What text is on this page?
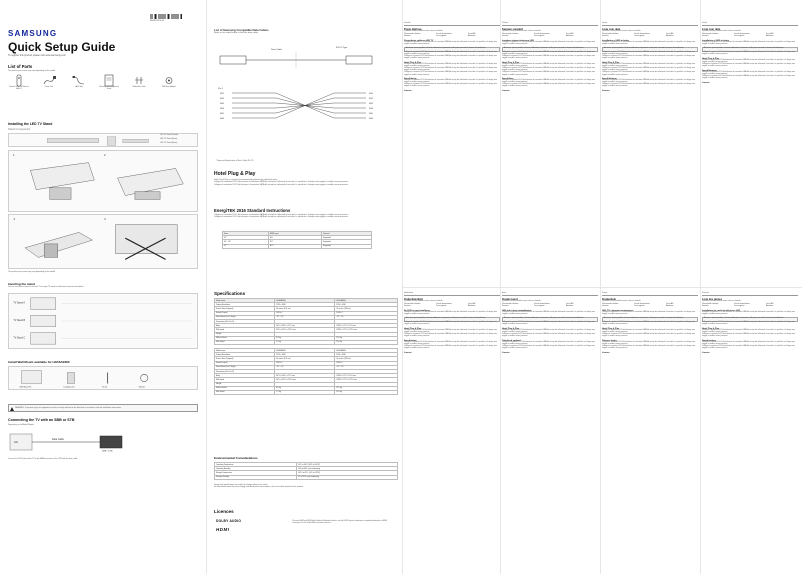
SAMSUNG
BN68-08174-00
Quick Setup Guide
To register this product please visit www.samsung.com
List of Parts
The product you receive may vary depending on the model.
Remote Control & Batteries (AA x 2)
Power Cord	LAN Cable	Warranty Card / Regulatory Guide
Holder-Wire Cable	Wall Mount Adapter
Installing the LED TV Stand
Stand Components
LED TV Stand (Guide)
LED TV Stand (Neck)
LED TV Stand (Base)
1	2
3	4
The product you receive may vary depending on the model.
Inverting the stand
You can use these screws so that this TV accepts TV stand or wall-mount in portrait orientation.
TV Stand A
TV Stand B
TV Stand C
Install Wall Mount available for HG55AE690
Wall Mount Kit	Long Bracket	Screw	Washer
WARNING: To prevent injury, this apparatus must be securely attached to the floor/wall in accordance with the installation instructions.
Connecting the TV with an SBB or STB
Depending on the Model/Region
HG
Data Cable
SBB / STB
Connect the RJ-12 jack of the TV to the DATA connector of the STB with the data cable.
List of Samsung Compatible Data Cables
Refer to the table below to find the data cable.
Data Cable
RJ-12 Type
Pin 1
SH1
SH2
SH3
SH4
SH5
SH6
SH1
SH2
SH3
SH4
SH5
SH6
* Expected Specification of Data Cable (RJ-12)
Hotel Plug & Play
Hotel Plug & Play is a function that automatically performs the initial hotel setup.
Collegare il connettore RJ-12 del televisore al connettore DATA del set-top box utilizzando il cavo dati. Le specifiche e il design sono soggetti a modifica senza preavviso.
Collegare il connettore RJ-12 del televisore al connettore DATA del set-top box utilizzando il cavo dati. Le specifiche e il design sono soggetti a modifica senza preavviso.
EnergiTEK 2016 Standard Instructions
Collegare il connettore RJ-12 del televisore al connettore DATA del set-top box utilizzando il cavo dati. Le specifiche e il design sono soggetti a modifica senza preavviso.
Collegare il connettore RJ-12 del televisore al connettore DATA del set-top box utilizzando il cavo dati. Le specifiche e il design sono soggetti a modifica senza preavviso.
Sizes	HDMI input	Channel
32"	DCI	Supported
40" ~ 48"	SLT	Supported
55"	NTC	Supported
Specifications
Model name	HG40AE690	HG55AE690
Display Resolution	1920 x 1080	1920 x 1080
Screen Size (Diagonal)	40 inches (101 cm)	55 inches (138 cm)
Sound (Output)	10W x 2	10W x 2
Stand Swivel (Left / Right)	-15° ~ 15°	-15° ~ 15°
Dimensions (W x H x D)		
Body	907.6 x 530.1 x 75.2 mm	1238.6 x 727.3 x 79.6 mm
With stand	907.6 x 591.5 x 219.0 mm	1238.6 x 772.3 x 272.6 mm
Weight		
Without Stand	6.8 kg	13.2 kg
With Stand	7.9 kg	15.0 kg
Model name	HG40AE690	HG55AE690
Display Resolution	1920 x 1080	1920 x 1080
Screen Size (Diagonal)	40 inches (101 cm)	55 inches (138 cm)
Sound (Output)	10W x 2	10W x 2
Stand Swivel (Left / Right)	-15° ~ 15°	-15° ~ 15°
Dimensions (W x H x D)		
Body	907.6 x 530.1 x 75.2 mm	1238.6 x 727.3 x 79.6 mm
With stand	907.6 x 591.5 x 219.0 mm	1238.6 x 772.3 x 272.6 mm
Weight		
Without Stand	6.8 kg	13.2 kg
With Stand	7.9 kg	15.0 kg
Environmental Considerations
Operating Temperature	10°C to 40°C (50°F to 104°F)
Operating Humidity	10% to 80%, non-condensing
Storage Temperature	-20°C to 45°C (-4°F to 113°F)
Storage Humidity	5% to 95%, non-condensing
Design and specifications are subject to change without prior notice.
For information about the power supply, and about power consumption, refer to the label attached to the product.
Licences
DOLBY AUDIO
HDMI
The terms HDMI and HDMI High-Definition Multimedia Interface, and the HDMI Logo are trademarks or registered trademarks of HDMI Licensing LLC in the United States and other countries.
Hrvatski
Popis dijelova
Il prodotto ricevuto potrebbe variare in base al modello.
Telecomando e batterie	Cavo di alimentazione	Cavo LAN
Garanzia	Cavo supporto	Adattatore
Postavljanje stalka za LED TV
Collegare il connettore RJ-12 del televisore al connettore DATA del set-top box utilizzando il cavo dati. Le specifiche e il design sono soggetti a modifica senza preavviso.
Attenzione: questo prodotto va fissato saldamente al pavimento o alla parete secondo le istruzioni di installazione.
Collegare il connettore RJ-12 del televisore al connettore DATA del set-top box utilizzando il cavo dati. Le specifiche e il design sono soggetti a modifica senza preavviso.
Collegare il connettore RJ-12 del televisore al connettore DATA del set-top box utilizzando il cavo dati. Le specifiche e il design sono soggetti a modifica senza preavviso.
Hotel Plug & Play
Collegare il connettore RJ-12 del televisore al connettore DATA del set-top box utilizzando il cavo dati. Le specifiche e il design sono soggetti a modifica senza preavviso.
Collegare il connettore RJ-12 del televisore al connettore DATA del set-top box utilizzando il cavo dati. Le specifiche e il design sono soggetti a modifica senza preavviso.
Collegare il connettore RJ-12 del televisore al connettore DATA del set-top box utilizzando il cavo dati. Le specifiche e il design sono soggetti a modifica senza preavviso.
Specifikacije
Collegare il connettore RJ-12 del televisore al connettore DATA del set-top box utilizzando il cavo dati. Le specifiche e il design sono soggetti a modifica senza preavviso.
Collegare il connettore RJ-12 del televisore al connettore DATA del set-top box utilizzando il cavo dati. Le specifiche e il design sono soggetti a modifica senza preavviso.
Licenze
Čeština
Seznam součástí
Il prodotto ricevuto potrebbe variare in base al modello.
Telecomando e batterie	Cavo di alimentazione	Cavo LAN
Garanzia	Cavo supporto	Adattatore
Instalace stojanu televizoru LED
Collegare il connettore RJ-12 del televisore al connettore DATA del set-top box utilizzando il cavo dati. Le specifiche e il design sono soggetti a modifica senza preavviso.
Attenzione: questo prodotto va fissato saldamente al pavimento o alla parete secondo le istruzioni di installazione.
Collegare il connettore RJ-12 del televisore al connettore DATA del set-top box utilizzando il cavo dati. Le specifiche e il design sono soggetti a modifica senza preavviso.
Collegare il connettore RJ-12 del televisore al connettore DATA del set-top box utilizzando il cavo dati. Le specifiche e il design sono soggetti a modifica senza preavviso.
Hotel Plug & Play
Collegare il connettore RJ-12 del televisore al connettore DATA del set-top box utilizzando il cavo dati. Le specifiche e il design sono soggetti a modifica senza preavviso.
Collegare il connettore RJ-12 del televisore al connettore DATA del set-top box utilizzando il cavo dati. Le specifiche e il design sono soggetti a modifica senza preavviso.
Collegare il connettore RJ-12 del televisore al connettore DATA del set-top box utilizzando il cavo dati. Le specifiche e il design sono soggetti a modifica senza preavviso.
Specifikace
Collegare il connettore RJ-12 del televisore al connettore DATA del set-top box utilizzando il cavo dati. Le specifiche e il design sono soggetti a modifica senza preavviso.
Collegare il connettore RJ-12 del televisore al connettore DATA del set-top box utilizzando il cavo dati. Le specifiche e il design sono soggetti a modifica senza preavviso.
Licenze
Dansk
Liste over dele
Il prodotto ricevuto potrebbe variare in base al modello.
Telecomando e batterie	Cavo di alimentazione	Cavo LAN
Garanzia	Cavo supporto	Adattatore
Installation af LED-tv-foden
Collegare il connettore RJ-12 del televisore al connettore DATA del set-top box utilizzando il cavo dati. Le specifiche e il design sono soggetti a modifica senza preavviso.
Attenzione: questo prodotto va fissato saldamente al pavimento o alla parete secondo le istruzioni di installazione.
Collegare il connettore RJ-12 del televisore al connettore DATA del set-top box utilizzando il cavo dati. Le specifiche e il design sono soggetti a modifica senza preavviso.
Collegare il connettore RJ-12 del televisore al connettore DATA del set-top box utilizzando il cavo dati. Le specifiche e il design sono soggetti a modifica senza preavviso.
Hotel Plug & Play
Collegare il connettore RJ-12 del televisore al connettore DATA del set-top box utilizzando il cavo dati. Le specifiche e il design sono soggetti a modifica senza preavviso.
Collegare il connettore RJ-12 del televisore al connettore DATA del set-top box utilizzando il cavo dati. Le specifiche e il design sono soggetti a modifica senza preavviso.
Collegare il connettore RJ-12 del televisore al connettore DATA del set-top box utilizzando il cavo dati. Le specifiche e il design sono soggetti a modifica senza preavviso.
Specifikationer
Collegare il connettore RJ-12 del televisore al connettore DATA del set-top box utilizzando il cavo dati. Le specifiche e il design sono soggetti a modifica senza preavviso.
Collegare il connettore RJ-12 del televisore al connettore DATA del set-top box utilizzando il cavo dati. Le specifiche e il design sono soggetti a modifica senza preavviso.
Licenze
Dansk
Liste over dele
Il prodotto ricevuto potrebbe variare in base al modello.
Telecomando e batterie	Cavo di alimentazione	Cavo LAN
Garanzia	Cavo supporto	Adattatore
Installation af LED-tv-foden
Collegare il connettore RJ-12 del televisore al connettore DATA del set-top box utilizzando il cavo dati. Le specifiche e il design sono soggetti a modifica senza preavviso.
Attenzione: questo prodotto va fissato saldamente al pavimento o alla parete secondo le istruzioni di installazione.
Collegare il connettore RJ-12 del televisore al connettore DATA del set-top box utilizzando il cavo dati. Le specifiche e il design sono soggetti a modifica senza preavviso.
Hotel Plug & Play
Collegare il connettore RJ-12 del televisore al connettore DATA del set-top box utilizzando il cavo dati. Le specifiche e il design sono soggetti a modifica senza preavviso.
Collegare il connettore RJ-12 del televisore al connettore DATA del set-top box utilizzando il cavo dati. Le specifiche e il design sono soggetti a modifica senza preavviso.
Specifikationer
Collegare il connettore RJ-12 del televisore al connettore DATA del set-top box utilizzando il cavo dati. Le specifiche e il design sono soggetti a modifica senza preavviso.
Collegare il connettore RJ-12 del televisore al connettore DATA del set-top box utilizzando il cavo dati. Le specifiche e il design sono soggetti a modifica senza preavviso.
Licenze
Nederlands
Onderdelenlijst
Il prodotto ricevuto potrebbe variare in base al modello.
Telecomando e batterie	Cavo di alimentazione	Cavo LAN
Garanzia	Cavo supporto	Adattatore
De LED-tv-voet installeren
Collegare il connettore RJ-12 del televisore al connettore DATA del set-top box utilizzando il cavo dati. Le specifiche e il design sono soggetti a modifica senza preavviso.
Attenzione: questo prodotto va fissato saldamente al pavimento o alla parete secondo le istruzioni di installazione.
Collegare il connettore RJ-12 del televisore al connettore DATA del set-top box utilizzando il cavo dati. Le specifiche e il design sono soggetti a modifica senza preavviso.
Hotel Plug & Play
Collegare il connettore RJ-12 del televisore al connettore DATA del set-top box utilizzando il cavo dati. Le specifiche e il design sono soggetti a modifica senza preavviso.
Collegare il connettore RJ-12 del televisore al connettore DATA del set-top box utilizzando il cavo dati. Le specifiche e il design sono soggetti a modifica senza preavviso.
Specificaties
Collegare il connettore RJ-12 del televisore al connettore DATA del set-top box utilizzando il cavo dati. Le specifiche e il design sono soggetti a modifica senza preavviso.
Collegare il connettore RJ-12 del televisore al connettore DATA del set-top box utilizzando il cavo dati. Le specifiche e il design sono soggetti a modifica senza preavviso.
Licenze
Eesti
Osade loend
Il prodotto ricevuto potrebbe variare in base al modello.
Telecomando e batterie	Cavo di alimentazione	Cavo LAN
Garanzia	Cavo supporto	Adattatore
LED-teleri aluse paigaldamine
Collegare il connettore RJ-12 del televisore al connettore DATA del set-top box utilizzando il cavo dati. Le specifiche e il design sono soggetti a modifica senza preavviso.
Attenzione: questo prodotto va fissato saldamente al pavimento o alla parete secondo le istruzioni di installazione.
Collegare il connettore RJ-12 del televisore al connettore DATA del set-top box utilizzando il cavo dati. Le specifiche e il design sono soggetti a modifica senza preavviso.
Hotel Plug & Play
Collegare il connettore RJ-12 del televisore al connettore DATA del set-top box utilizzando il cavo dati. Le specifiche e il design sono soggetti a modifica senza preavviso.
Collegare il connettore RJ-12 del televisore al connettore DATA del set-top box utilizzando il cavo dati. Le specifiche e il design sono soggetti a modifica senza preavviso.
Tehnilised andmed
Collegare il connettore RJ-12 del televisore al connettore DATA del set-top box utilizzando il cavo dati. Le specifiche e il design sono soggetti a modifica senza preavviso.
Collegare il connettore RJ-12 del televisore al connettore DATA del set-top box utilizzando il cavo dati. Le specifiche e il design sono soggetti a modifica senza preavviso.
Licenze
Suomi
Osaluettelo
Il prodotto ricevuto potrebbe variare in base al modello.
Telecomando e batterie	Cavo di alimentazione	Cavo LAN
Garanzia	Cavo supporto	Adattatore
LED-TV:n jalustan asentaminen
Collegare il connettore RJ-12 del televisore al connettore DATA del set-top box utilizzando il cavo dati. Le specifiche e il design sono soggetti a modifica senza preavviso.
Attenzione: questo prodotto va fissato saldamente al pavimento o alla parete secondo le istruzioni di installazione.
Collegare il connettore RJ-12 del televisore al connettore DATA del set-top box utilizzando il cavo dati. Le specifiche e il design sono soggetti a modifica senza preavviso.
Hotel Plug & Play
Collegare il connettore RJ-12 del televisore al connettore DATA del set-top box utilizzando il cavo dati. Le specifiche e il design sono soggetti a modifica senza preavviso.
Collegare il connettore RJ-12 del televisore al connettore DATA del set-top box utilizzando il cavo dati. Le specifiche e il design sono soggetti a modifica senza preavviso.
Tekniset tiedot
Collegare il connettore RJ-12 del televisore al connettore DATA del set-top box utilizzando il cavo dati. Le specifiche e il design sono soggetti a modifica senza preavviso.
Collegare il connettore RJ-12 del televisore al connettore DATA del set-top box utilizzando il cavo dati. Le specifiche e il design sono soggetti a modifica senza preavviso.
Licenze
Français
Liste des pièces
Il prodotto ricevuto potrebbe variare in base al modello.
Telecomando e batterie	Cavo di alimentazione	Cavo LAN
Garanzia	Cavo supporto	Adattatore
Installation du socle du téléviseur LED
Collegare il connettore RJ-12 del televisore al connettore DATA del set-top box utilizzando il cavo dati. Le specifiche e il design sono soggetti a modifica senza preavviso.
Attenzione: questo prodotto va fissato saldamente al pavimento o alla parete secondo le istruzioni di installazione.
Collegare il connettore RJ-12 del televisore al connettore DATA del set-top box utilizzando il cavo dati. Le specifiche e il design sono soggetti a modifica senza preavviso.
Hotel Plug & Play
Collegare il connettore RJ-12 del televisore al connettore DATA del set-top box utilizzando il cavo dati. Le specifiche e il design sono soggetti a modifica senza preavviso.
Collegare il connettore RJ-12 del televisore al connettore DATA del set-top box utilizzando il cavo dati. Le specifiche e il design sono soggetti a modifica senza preavviso.
Spécifications
Collegare il connettore RJ-12 del televisore al connettore DATA del set-top box utilizzando il cavo dati. Le specifiche e il design sono soggetti a modifica senza preavviso.
Collegare il connettore RJ-12 del televisore al connettore DATA del set-top box utilizzando il cavo dati. Le specifiche e il design sono soggetti a modifica senza preavviso.
Licenze
